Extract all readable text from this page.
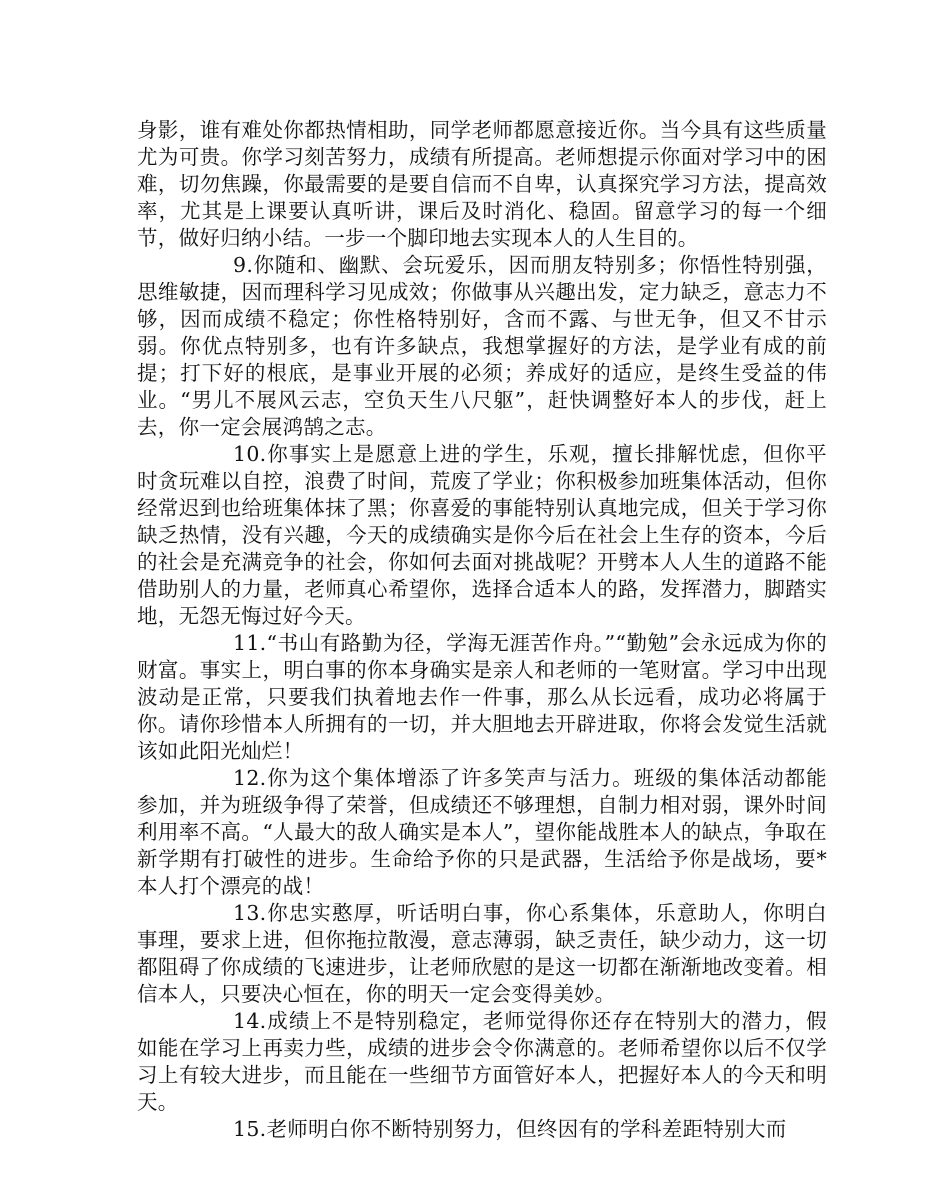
身影，谁有难处你都热情相助，同学老师都愿意接近你。当今具有这些质量尤为可贵。你学习刻苦努力，成绩有所提高。老师想提示你面对学习中的困难，切勿焦躁，你最需要的是要自信而不自卑，认真探究学习方法，提高效率，尤其是上课要认真听讲，课后及时消化、稳固。留意学习的每一个细节，做好归纳小结。一步一个脚印地去实现本人的人生目的。

9.你随和、幽默、会玩爱乐，因而朋友特别多；你悟性特别强，思维敏捷，因而理科学习见成效；你做事从兴趣出发，定力缺乏，意志力不够，因而成绩不稳定；你性格特别好，含而不露、与世无争，但又不甘示弱。你优点特别多，也有许多缺点，我想掌握好的方法，是学业有成的前提；打下好的根底，是事业开展的必须；养成好的适应，是终生受益的伟业。“男儿不展风云志，空负天生八尺躯”，赶快调整好本人的步伐，赶上去，你一定会展鸿鹄之志。

10.你事实上是愿意上进的学生，乐观，擅长排解忧虑，但你平时贪玩难以自控，浪费了时间，荒废了学业；你积极参加班集体活动，但你经常迟到也给班集体抹了黑；你喜爱的事能特别认真地完成，但关于学习你缺乏热情，没有兴趣，今天的成绩确实是你今后在社会上生存的资本，今后的社会是充满竞争的社会，你如何去面对挑战呢？开劈本人人生的道路不能借助别人的力量，老师真心希望你，选择合适本人的路，发挥潜力，脚踏实地，无怨无悔过好今天。

11.“书山有路勤为径，学海无涯苦作舟。”“勤勉”会永远成为你的财富。事实上，明白事的你本身确实是亲人和老师的一笔财富。学习中出现波动是正常，只要我们执着地去作一件事，那么从长远看，成功必将属于你。请你珍惜本人所拥有的一切，并大胆地去开辟进取，你将会发觉生活就该如此阳光灿烂！

12.你为这个集体增添了许多笑声与活力。班级的集体活动都能参加，并为班级争得了荣誉，但成绩还不够理想，自制力相对弱，课外时间利用率不高。“人最大的敌人确实是本人”，望你能战胜本人的缺点，争取在新学期有打破性的进步。生命给予你的只是武器，生活给予你是战场，要*本人打个漂亮的战！

13.你忠实憨厚，听话明白事，你心系集体，乐意助人，你明白事理，要求上进，但你拖拉散漫，意志薄弱，缺乏责任，缺少动力，这一切都阻碍了你成绩的飞速进步，让老师欣慰的是这一切都在渐渐地改变着。相信本人，只要决心恒在，你的明天一定会变得美妙。

14.成绩上不是特别稳定，老师觉得你还存在特别大的潜力，假如能在学习上再卖力些，成绩的进步会令你满意的。老师希望你以后不仅学习上有较大进步，而且能在一些细节方面管好本人，把握好本人的今天和明天。

15.老师明白你不断特别努力，但终因有的学科差距特别大而
